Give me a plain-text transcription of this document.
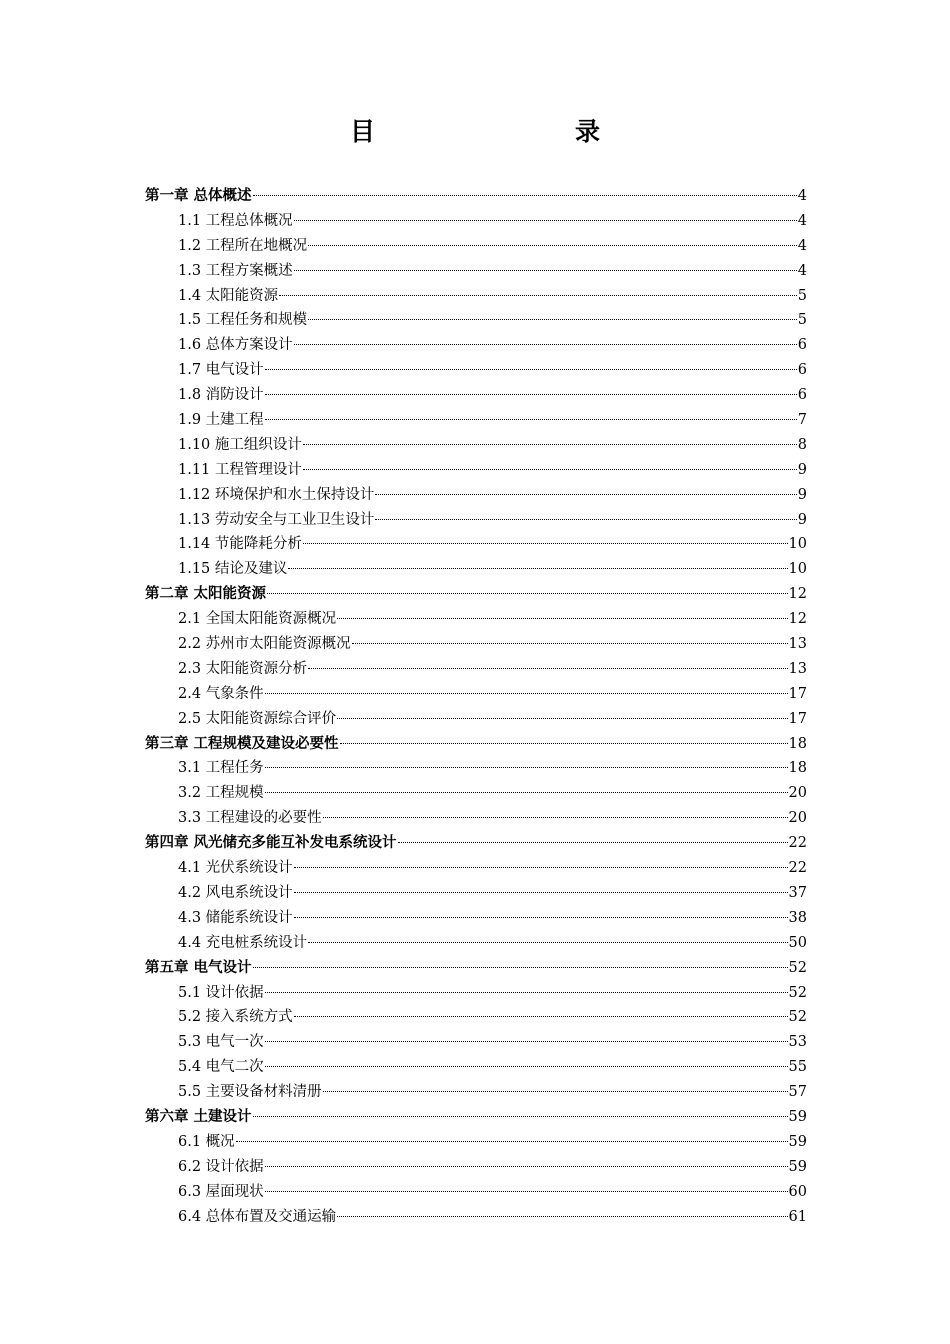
目　　录
第一章 总体概述	4
1.1 工程总体概况	4
1.2 工程所在地概况	4
1.3 工程方案概述	4
1.4 太阳能资源	5
1.5 工程任务和规模	5
1.6 总体方案设计	6
1.7 电气设计	6
1.8 消防设计	6
1.9 土建工程	7
1.10 施工组织设计	8
1.11 工程管理设计	9
1.12 环境保护和水土保持设计	9
1.13 劳动安全与工业卫生设计	9
1.14 节能降耗分析	10
1.15 结论及建议	10
第二章 太阳能资源	12
2.1 全国太阳能资源概况	12
2.2 苏州市太阳能资源概况	13
2.3 太阳能资源分析	13
2.4 气象条件	17
2.5 太阳能资源综合评价	17
第三章 工程规模及建设必要性	18
3.1 工程任务	18
3.2 工程规模	20
3.3 工程建设的必要性	20
第四章 风光储充多能互补发电系统设计	22
4.1 光伏系统设计	22
4.2 风电系统设计	37
4.3 储能系统设计	38
4.4 充电桩系统设计	50
第五章 电气设计	52
5.1 设计依据	52
5.2 接入系统方式	52
5.3 电气一次	53
5.4 电气二次	55
5.5 主要设备材料清册	57
第六章 土建设计	59
6.1 概况	59
6.2 设计依据	59
6.3 屋面现状	60
6.4 总体布置及交通运输	61
